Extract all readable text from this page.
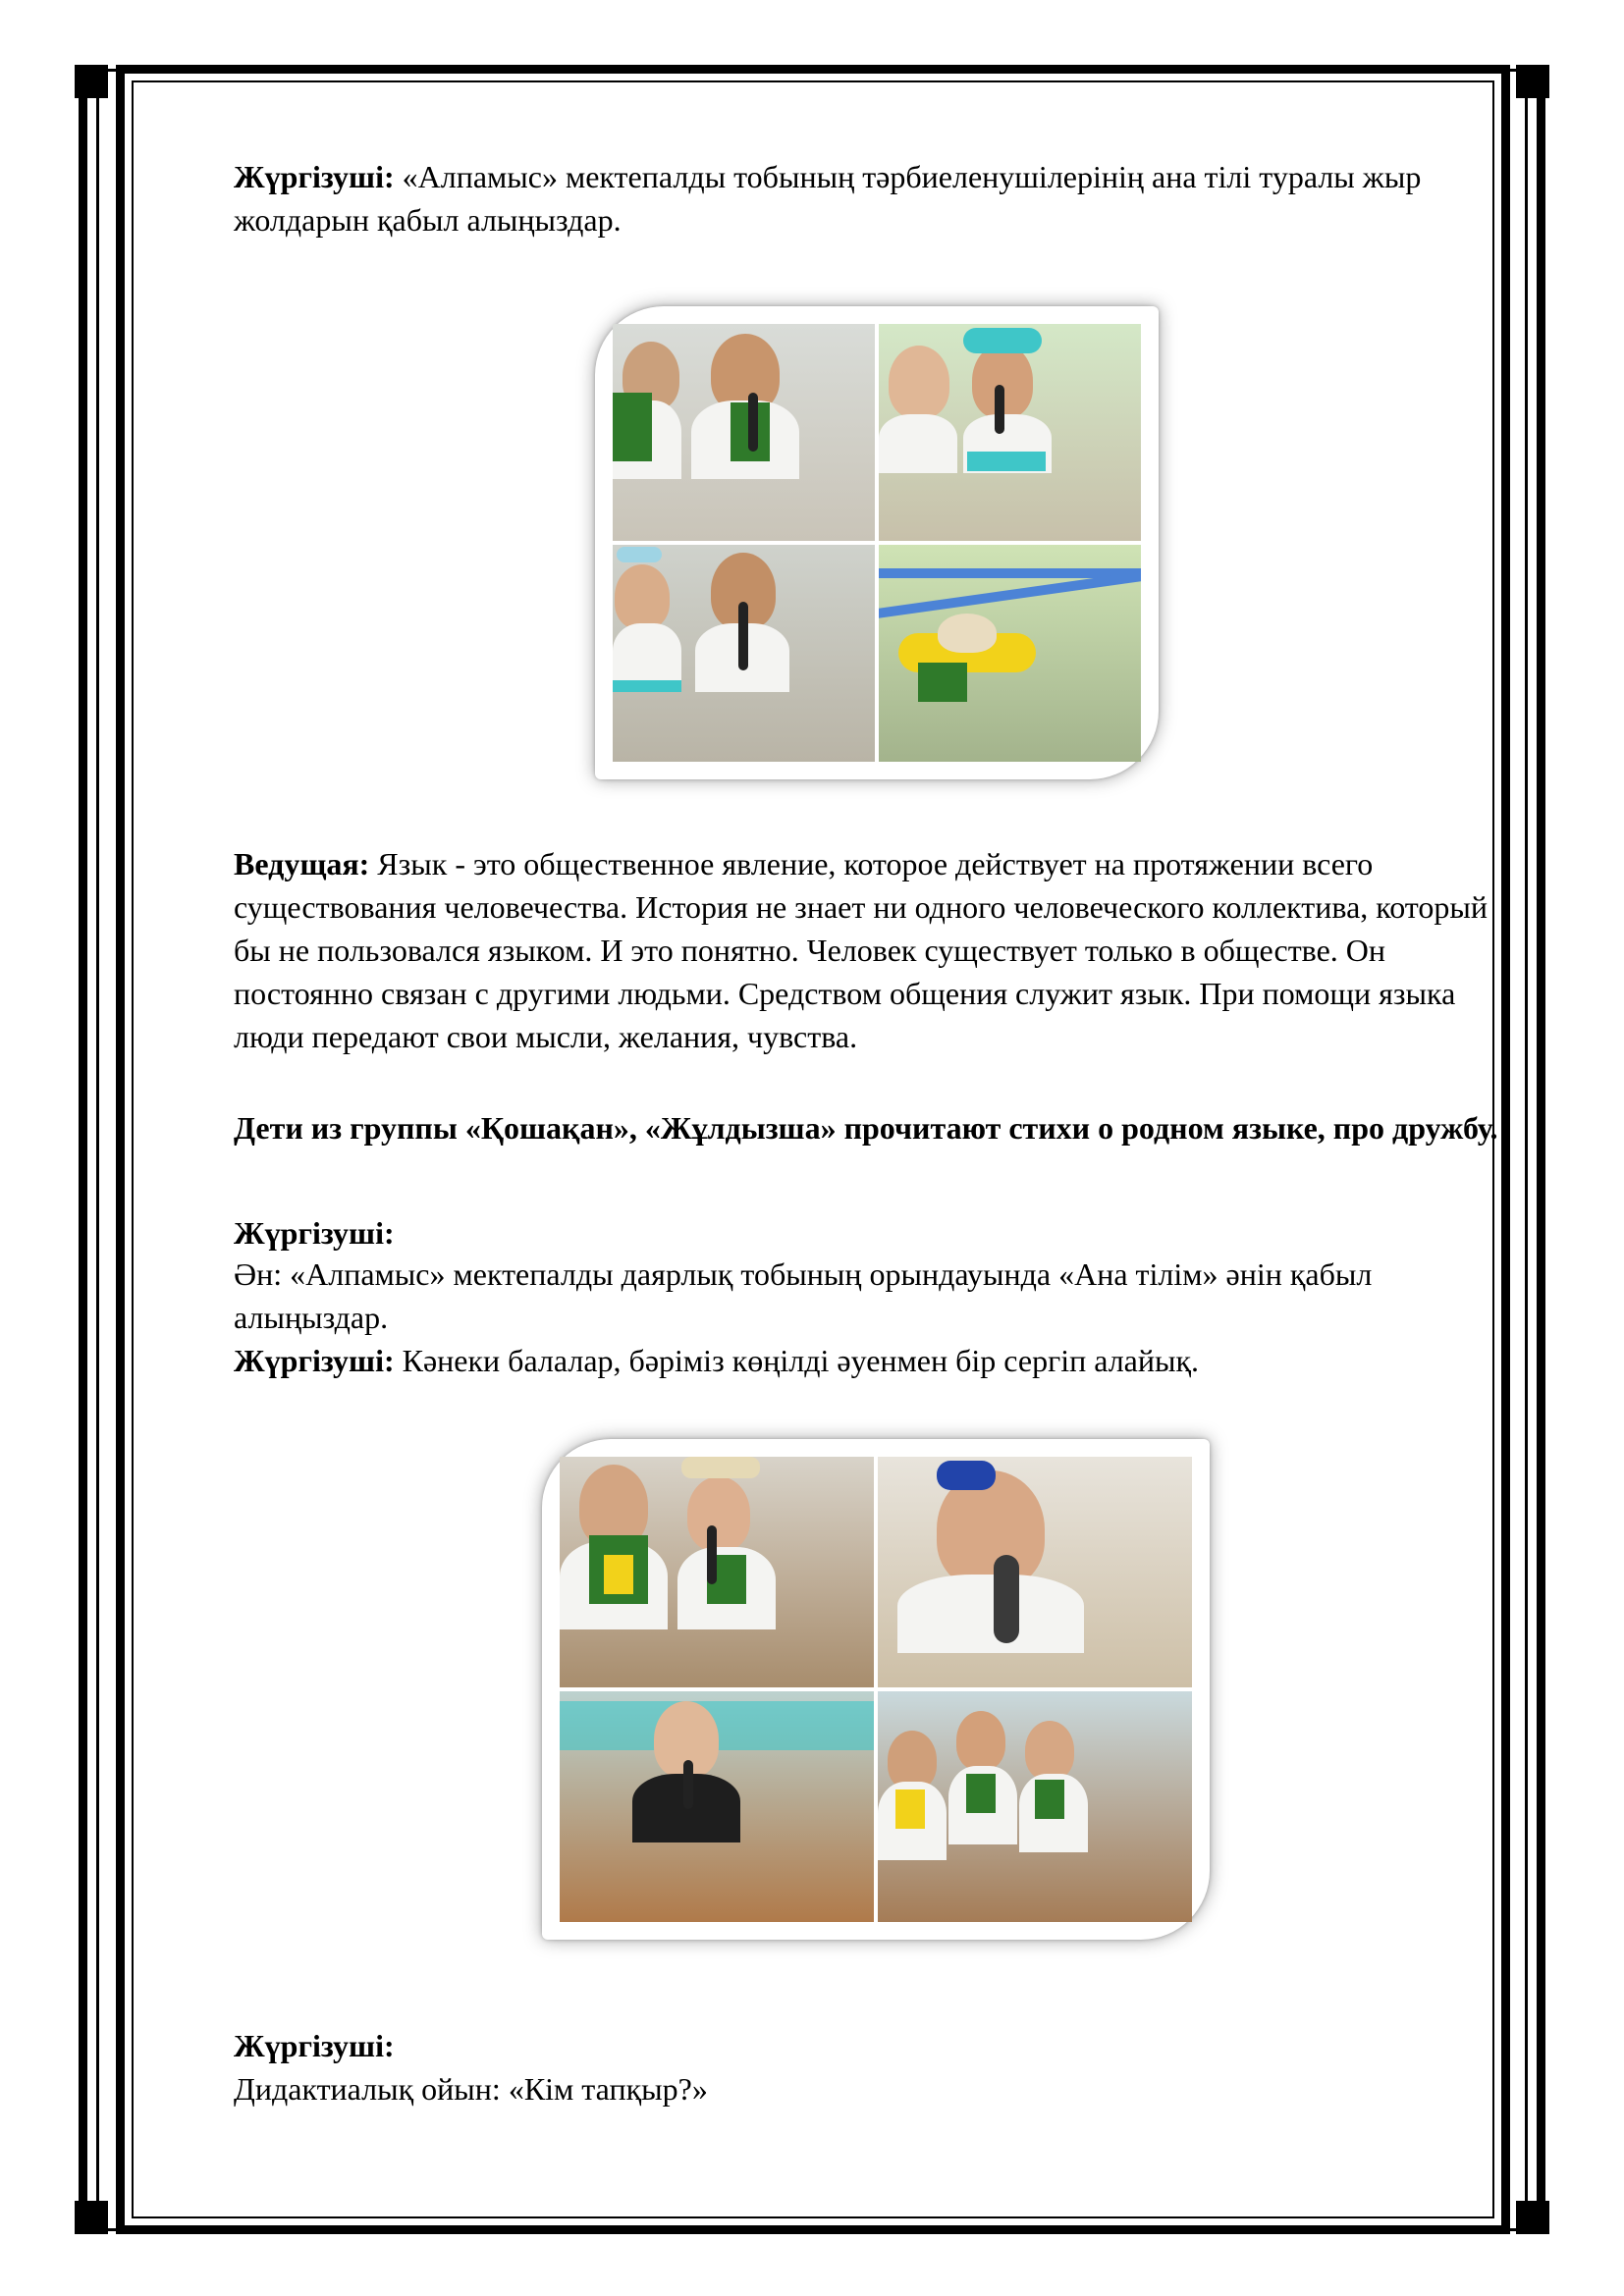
Жүргізуші: «Алпамыс» мектепалды тобының тәрбиеленушілерінің ана тілі туралы жыр жолдарын қабыл алыңыздар.

Ведущая: Язык - это общественное явление, которое действует на протяжении всего существования человечества. История не знает ни одного человеческого коллектива, который бы не пользовался языком. И это понятно. Человек существует только в обществе. Он постоянно связан с другими людьми. Средством общения служит язык. При помощи языка люди передают свои мысли, желания, чувства.

Дети из группы «Қошақан», «Жұлдызша» прочитают стихи о родном языке, про дружбу.

Жүргізуші:

Ән: «Алпамыс» мектепалды даярлық тобының орындауында «Ана тілім» әнін қабыл алыңыздар.

Жүргізуші: Кәнеки балалар, бәріміз көңілді әуенмен бір сергіп алайық.

Жүргізуші:

Дидактиалық ойын: «Кім тапқыр?»
